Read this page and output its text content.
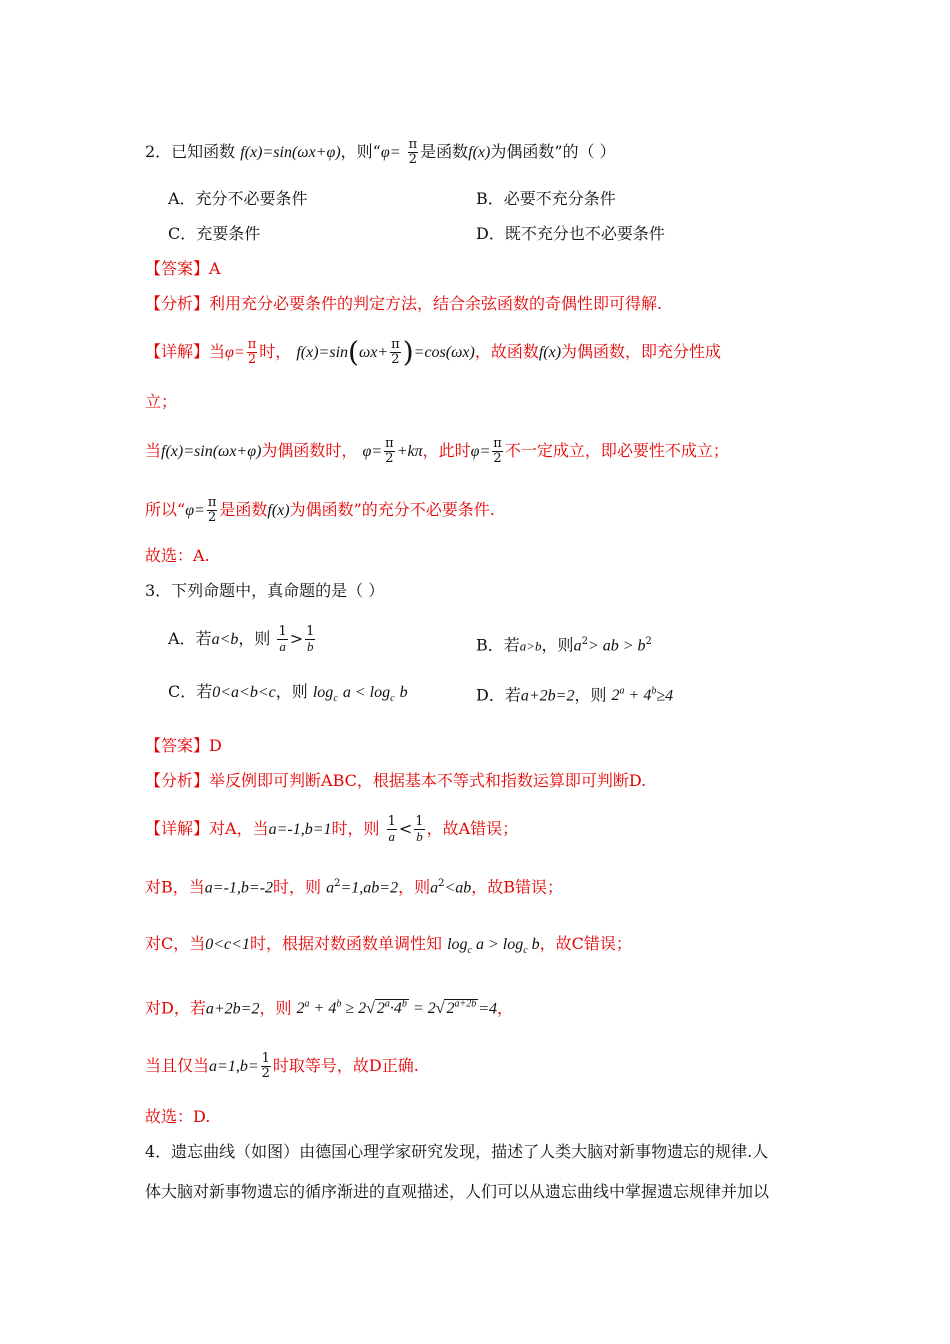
2．已知函数 f(x)=sin(ωx+φ)，则“$\varphi= \frac{\pi}{2}$ 是函数f(x)为偶函数”的（ ）
A．充分不必要条件	B．必要不充分条件
C．充要条件	D．既不充分也不必要条件
【答案】A
【分析】利用充分必要条件的判定方法，结合余弦函数的奇偶性即可得解.
【详解】当$\varphi= \frac{\pi}{2}$ 时， $f(x)=\sin(\omega x+ \frac{\pi}{2} )=\cos(\omega x)$，故函数f(x)为偶函数，即充分性成
立；
当f(x)=sin(ωx+φ)为偶函数时， $\varphi= \frac{\pi}{2} +k\pi$，此时$\varphi= \frac{\pi}{2}$ 不一定成立，即必要性不成立；
所以“$\varphi= \frac{\pi}{2}$ 是函数f(x)为偶函数”的充分不必要条件.
故选：A.
3．下列命题中，真命题的是（ ）
A．若a<b，则 $\frac{1}{a} > \frac{1}{b}$	B．若a>b，则$a^2>$ ab > $b^2$
C．若0<a<b<c，则 $\log_c a < \log_c b$	D．若a+2b=2，则 $2^a + 4^b\ge 4$
【答案】D
【分析】举反例即可判断ABC，根据基本不等式和指数运算即可判断D.
【详解】对A，当a=-1,b=1时，则 $\frac{1}{a} < \frac{1}{b}$ ，故A错误；
对B，当a=-1,b=-2时，则 $a^2=1,ab=2$，则$a^2<ab$，故B错误；
对C，当0<c<1时，根据对数函数单调性知 $\log_c a > \log_c b$，故C错误；
对D，若a+2b=2，则 $2^a + 4^b \ge 2√$ $2^a\cdot 4^b = 2√$ $2^{a+2b} =4$，
当且仅当$a=1,b= \frac{1}{2}$ 时取等号，故D正确.
故选：D.
4．遗忘曲线（如图）由德国心理学家研究发现，描述了人类大脑对新事物遗忘的规律.人
体大脑对新事物遗忘的循序渐进的直观描述，人们可以从遗忘曲线中掌握遗忘规律并加以
